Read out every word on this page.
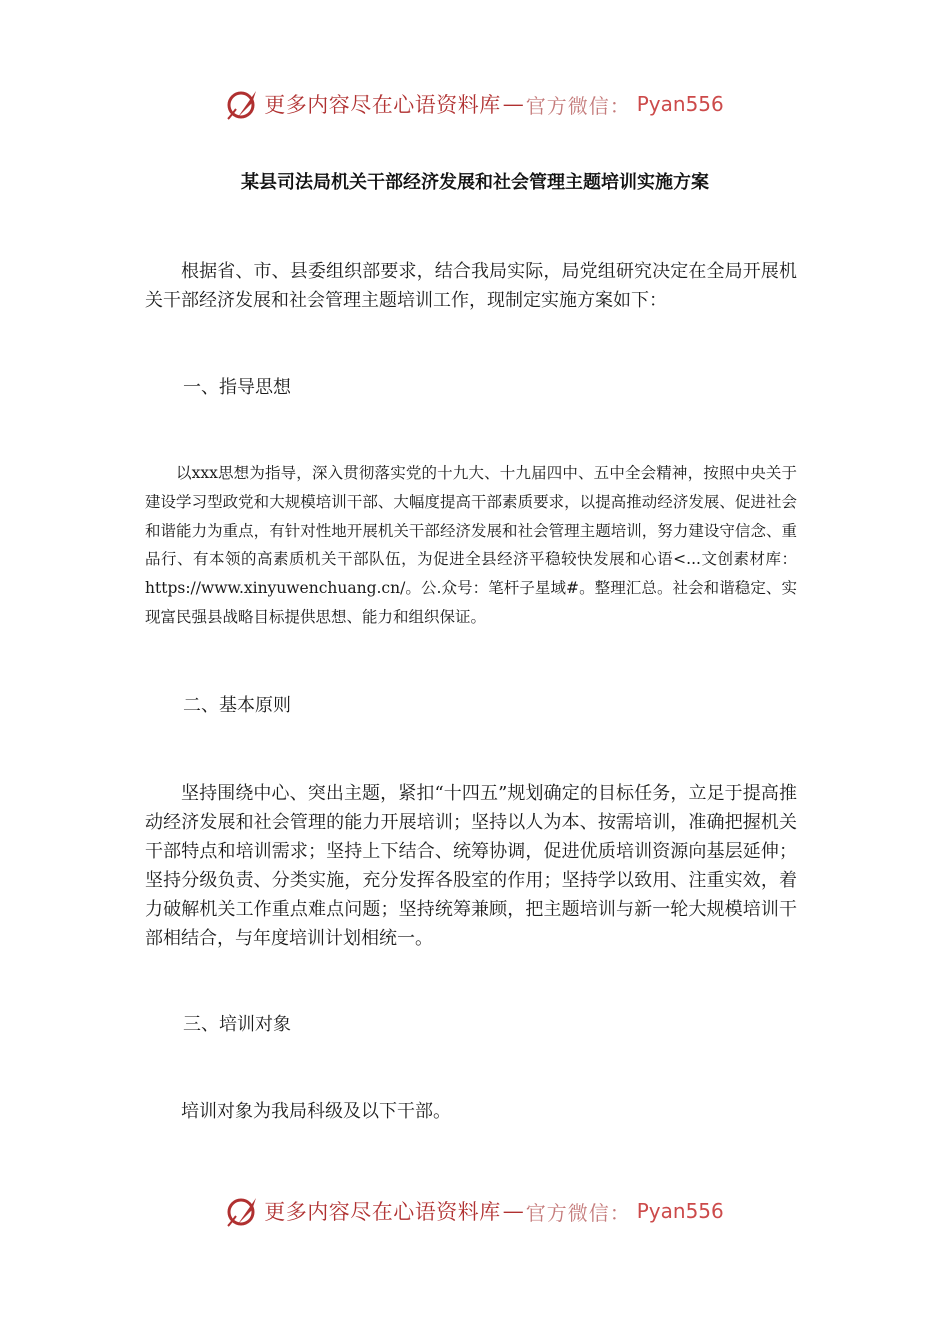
更多内容尽在心语资料库 — 官方微信： Pyan556
某县司法局机关干部经济发展和社会管理主题培训实施方案

根据省、市、县委组织部要求，结合我局实际，局党组研究决定在全局开展机关干部经济发展和社会管理主题培训工作，现制定实施方案如下：

一、指导思想

以xxx思想为指导，深入贯彻落实党的十九大、十九届四中、五中全会精神，按照中央关于建设学习型政党和大规模培训干部、大幅度提高干部素质要求，以提高推动经济发展、促进社会和谐能力为重点，有针对性地开展机关干部经济发展和社会管理主题培训，努力建设守信念、重品行、有本领的高素质机关干部队伍，为促进全县经济平稳较快发展和心语<...文创素材库：https://www.xinyuwenchuang.cn/。公.众号：笔杆子星域#。整理汇总。社会和谐稳定、实现富民强县战略目标提供思想、能力和组织保证。

二、基本原则

坚持围绕中心、突出主题，紧扣“十四五”规划确定的目标任务，立足于提高推动经济发展和社会管理的能力开展培训；坚持以人为本、按需培训，准确把握机关干部特点和培训需求；坚持上下结合、统筹协调，促进优质培训资源向基层延伸；坚持分级负责、分类实施，充分发挥各股室的作用；坚持学以致用、注重实效，着力破解机关工作重点难点问题；坚持统筹兼顾，把主题培训与新一轮大规模培训干部相结合，与年度培训计划相统一。

三、培训对象

培训对象为我局科级及以下干部。

更多内容尽在心语资料库 — 官方微信： Pyan556
